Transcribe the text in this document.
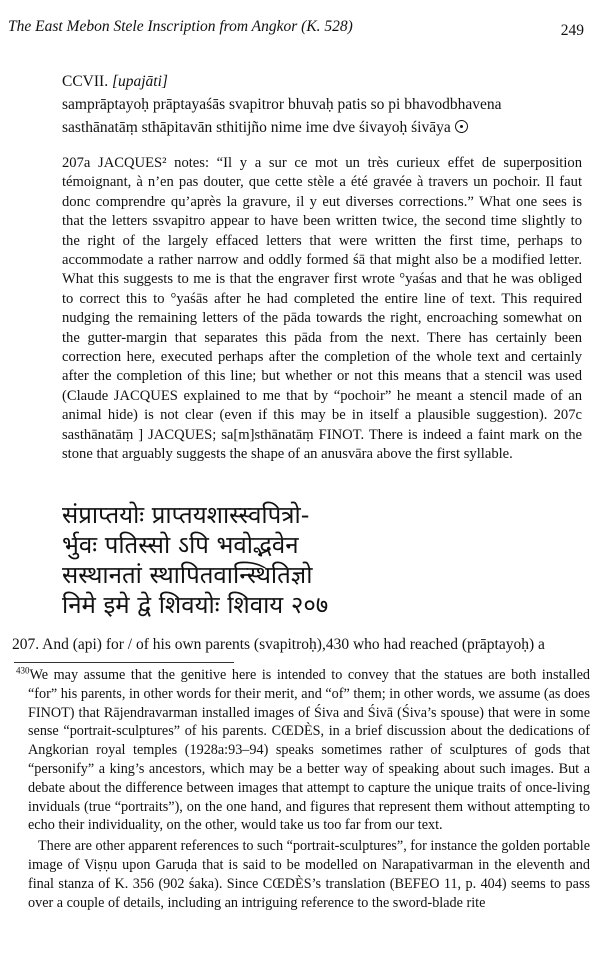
The East Mebon Stele Inscription from Angkor (K. 528)	249
CCVII. [upajāti]
samprāptayoḥ prāptayaśās svapitror bhuvaḥ patis so pi bhavodbhavena
sasthānatāṃ sthāpitavān sthitijño nime ime dve śivayoḥ śivāya

207a JACQUES² notes: “Il y a sur ce mot un très curieux effet de superposition témoignant, à n’en pas douter, que cette stèle a été gravée à travers un pochoir. Il faut donc comprendre qu’après la gravure, il y eut diverses corrections.” What one sees is that the letters ssvapitro appear to have been written twice, the second time slightly to the right of the largely effaced letters that were written the first time, perhaps to accommodate a rather narrow and oddly formed śā that might also be a modified letter. What this suggests to me is that the engraver first wrote °yaśas and that he was obliged to correct this to °yaśās after he had completed the entire line of text. This required nudging the remaining letters of the pāda towards the right, encroaching somewhat on the gutter-margin that separates this pāda from the next. There has certainly been correction here, executed perhaps after the completion of the whole text and certainly after the completion of this line; but whether or not this means that a stencil was used (Claude JACQUES explained to me that by “pochoir” he meant a stencil made of an animal hide) is not clear (even if this may be in itself a plausible suggestion). 207c sasthānatāṃ ] JACQUES; sa[m]sthānatāṃ FINOT. There is indeed a faint mark on the stone that arguably suggests the shape of an anusvāra above the first syllable.

संप्राप्तयोः प्राप्तयशास्स्वपित्रो-
र्भुवः पतिस्सो ऽपि भवोद्भवेन
सस्थानतां स्थापितवान्स्थितिज्ञो
निमे इमे द्वे शिवयोः शिवाय २०७
207. And (api) for / of his own parents (svapitroḥ),430 who had reached (prāptayoḥ) a

$^{430}$We may assume that the genitive here is intended to convey that the statues are both installed “for” his parents, in other words for their merit, and “of” them; in other words, we assume (as does FINOT) that Rājendravarman installed images of Śiva and Śivā (Śiva’s spouse) that were in some sense “portrait-sculptures” of his parents. CŒDÈS, in a brief discussion about the dedications of Angkorian royal temples (1928a:93–94) speaks sometimes rather of sculptures of gods that “personify” a king’s ancestors, which may be a better way of speaking about such images. But a debate about the difference between images that attempt to capture the unique traits of once-living inviduals (true “portraits”), on the one hand, and figures that represent them without attempting to echo their individuality, on the other, would take us too far from our text.

There are other apparent references to such “portrait-sculptures”, for instance the golden portable image of Viṣṇu upon Garuḍa that is said to be modelled on Narapativarman in the eleventh and final stanza of K. 356 (902 śaka). Since CŒDÈS’s translation (BEFEO 11, p. 404) seems to pass over a couple of details, including an intriguing reference to the sword-blade rite
